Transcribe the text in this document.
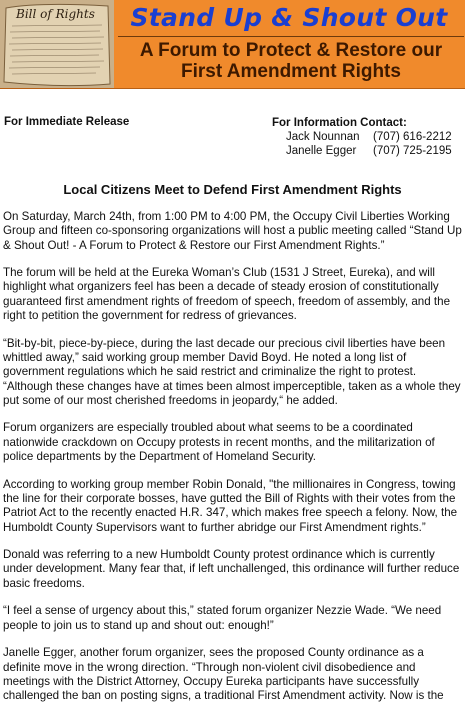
Bill of Rights Stand Up & Shout Out
A Forum to Protect & Restore our First Amendment Rights
For Immediate Release	For Information Contact:
Jack Nounnan	(707) 616-2212
Janelle Egger	(707) 725-2195
Local Citizens Meet to Defend First Amendment Rights

On Saturday, March 24th, from 1:00 PM to 4:00 PM, the Occupy Civil Liberties Working Group and fifteen co-sponsoring organizations will host a public meeting called “Stand Up & Shout Out! - A Forum to Protect & Restore our First Amendment Rights.”

The forum will be held at the Eureka Woman’s Club (1531 J Street, Eureka), and will highlight what organizers feel has been a decade of steady erosion of constitutionally guaranteed first amendment rights of freedom of speech, freedom of assembly, and the right to petition the government for redress of grievances.

“Bit-by-bit, piece-by-piece, during the last decade our precious civil liberties have been whittled away,” said working group member David Boyd. He noted a long list of government regulations which he said restrict and criminalize the right to protest. “Although these changes have at times been almost imperceptible, taken as a whole they put some of our most cherished freedoms in jeopardy,“ he added.

Forum organizers are especially troubled about what seems to be a coordinated nationwide crackdown on Occupy protests in recent months, and the militarization of police departments by the Department of Homeland Security.

According to working group member Robin Donald, "the millionaires in Congress, towing the line for their corporate bosses, have gutted the Bill of Rights with their votes from the Patriot Act to the recently enacted H.R. 347, which makes free speech a felony. Now, the Humboldt County Supervisors want to further abridge our First Amendment rights.”

Donald was referring to a new Humboldt County protest ordinance which is currently under development. Many fear that, if left unchallenged, this ordinance will further reduce basic freedoms.

“I feel a sense of urgency about this,” stated forum organizer Nezzie Wade. “We need people to join us to stand up and shout out: enough!”

Janelle Egger, another forum organizer, sees the proposed County ordinance as a definite move in the wrong direction. “Through non-violent civil disobedience and meetings with the District Attorney, Occupy Eureka participants have successfully challenged the ban on posting signs, a traditional First Amendment activity. Now is the
